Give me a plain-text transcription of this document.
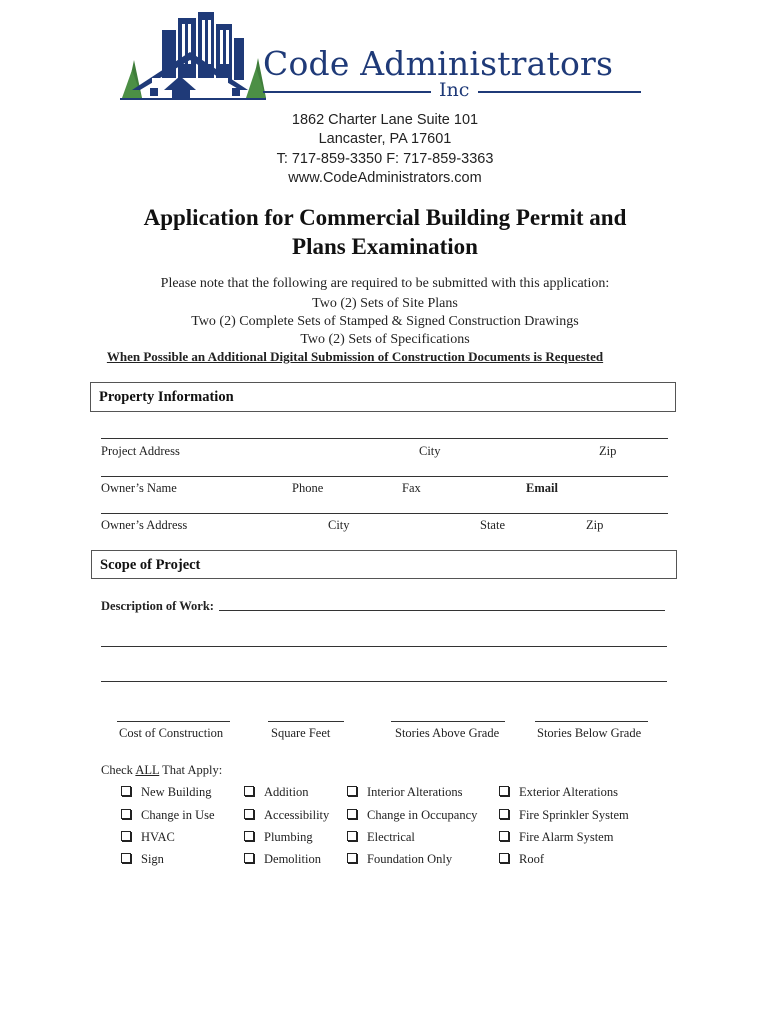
Code Administrators
Inc
1862 Charter Lane Suite 101
Lancaster, PA 17601
T: 717-859-3350 F: 717-859-3363
www.CodeAdministrators.com
Application for Commercial Building Permit and
Plans Examination
Please note that the following are required to be submitted with this application:
Two (2) Sets of Site Plans
Two (2) Complete Sets of Stamped & Signed Construction Drawings
Two (2) Sets of Specifications
When Possible an Additional Digital Submission of Construction Documents is Requested
Property Information
Project Address	City	Zip
Owner’s Name	Phone	Fax	Email
Owner’s Address	City	State	Zip
Scope of Project
Description of Work:
Cost of Construction	Square Feet	Stories Above Grade	Stories Below Grade
Check ALL That Apply:
New Building	Addition	Interior Alterations	Exterior Alterations
Change in Use	Accessibility	Change in Occupancy	Fire Sprinkler System
HVAC	Plumbing	Electrical	Fire Alarm System
Sign	Demolition	Foundation Only	Roof
